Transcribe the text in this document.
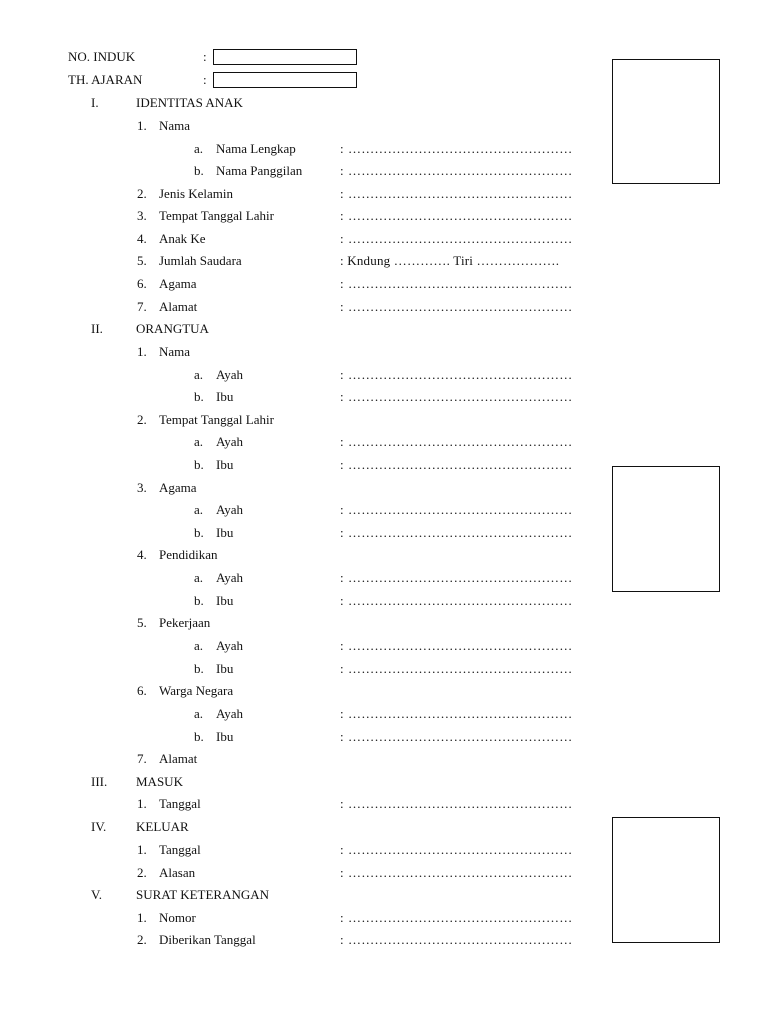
NO. INDUK	:
TH. AJARAN	:
I.	IDENTITAS ANAK
1. Nama
a. Nama Lengkap	: ……………………………………………
b. Nama Panggilan	: ……………………………………………
2. Jenis Kelamin	: ……………………………………………
3. Tempat Tanggal Lahir	: ……………………………………………
4. Anak Ke	: ……………………………………………
5. Jumlah Saudara	: Kndung …………. Tiri ……………….
6. Agama	: ……………………………………………
7. Alamat	: ……………………………………………
II.	ORANGTUA
1. Nama
a. Ayah	: ……………………………………………
b. Ibu	: ……………………………………………
2. Tempat Tanggal Lahir
a. Ayah	: ……………………………………………
b. Ibu	: ……………………………………………
3. Agama
a. Ayah	: ……………………………………………
b. Ibu	: ……………………………………………
4. Pendidikan
a. Ayah	: ……………………………………………
b. Ibu	: ……………………………………………
5. Pekerjaan
a. Ayah	: ……………………………………………
b. Ibu	: ……………………………………………
6. Warga Negara
a. Ayah	: ……………………………………………
b. Ibu	: ……………………………………………
7. Alamat
III. MASUK
1. Tanggal	: ……………………………………………
IV. KELUAR
1. Tanggal	: ……………………………………………
2. Alasan	: ……………………………………………
V.	SURAT KETERANGAN
1. Nomor	: ……………………………………………
2. Diberikan Tanggal	: ……………………………………………
